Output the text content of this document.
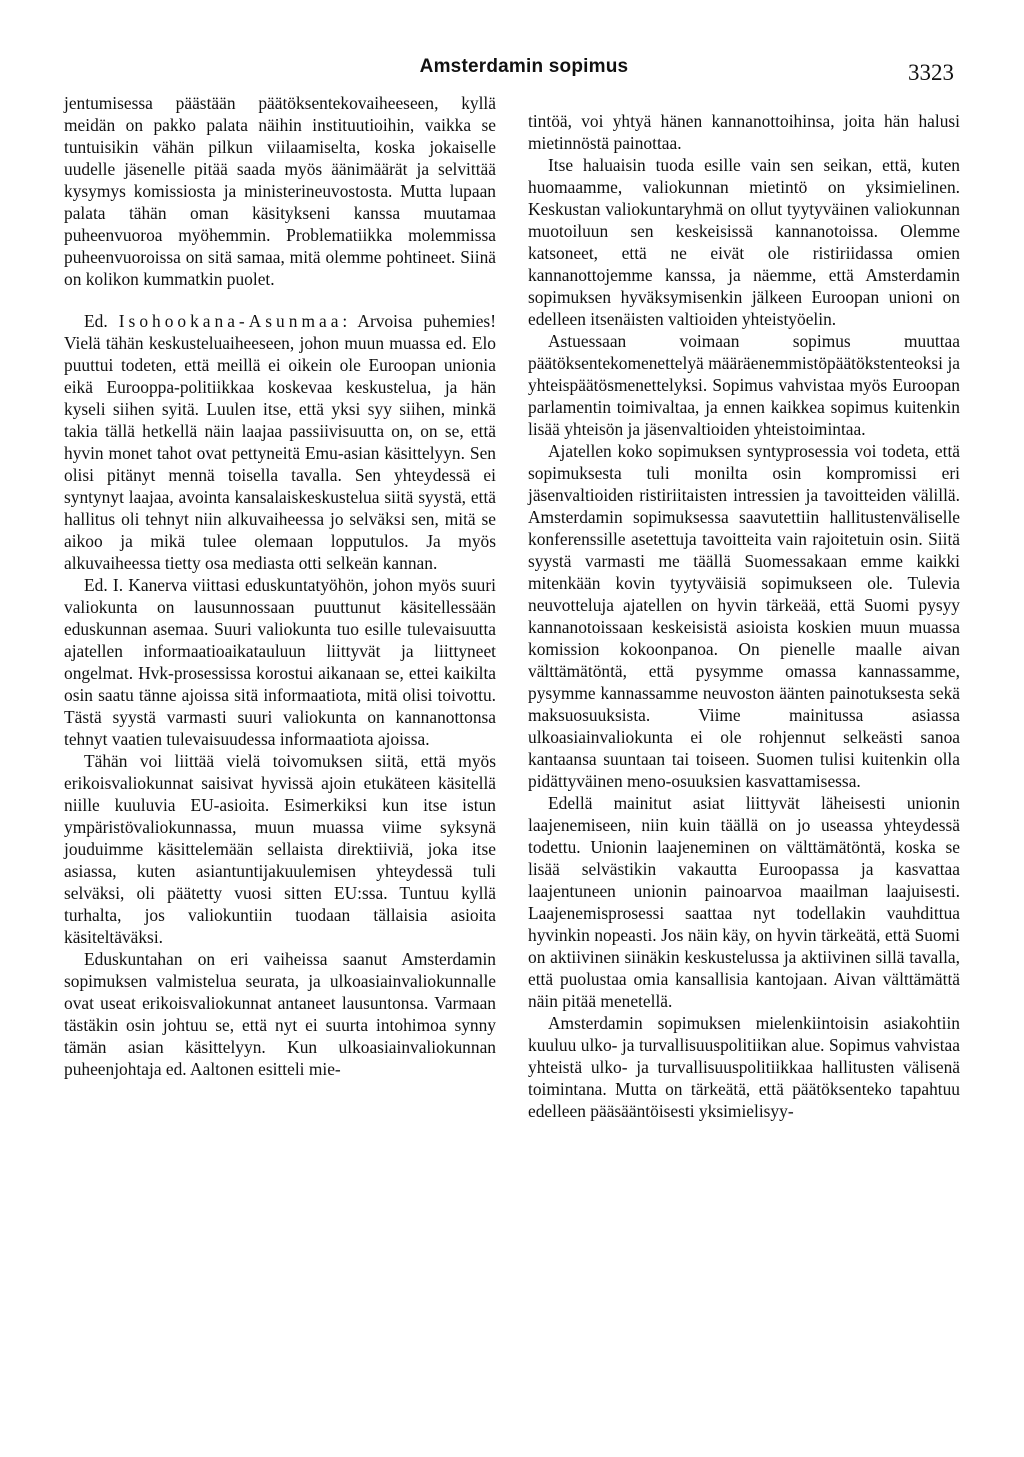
Amsterdamin sopimus	3323

jentumisessa päästään päätöksentekovaiheeseen, kyllä meidän on pakko palata näihin instituutioihin, vaikka se tuntuisikin vähän pilkun viilaamiselta, koska jokaiselle uudelle jäsenelle pitää saada myös äänimäärät ja selvittää kysymys komissiosta ja ministerineuvostosta. Mutta lupaan palata tähän oman käsitykseni kanssa muutamaa puheenvuoroa myöhemmin. Problematiikka molemmissa puheenvuoroissa on sitä samaa, mitä olemme pohtineet. Siinä on kolikon kummatkin puolet.

Ed. Isohookana-Asunmaa: Arvoisa puhemies! Vielä tähän keskusteluaiheeseen, johon muun muassa ed. Elo puuttui todeten, että meillä ei oikein ole Euroopan unionia eikä Eurooppa-politiikkaa koskevaa keskustelua, ja hän kyseli siihen syitä. Luulen itse, että yksi syy siihen, minkä takia tällä hetkellä näin laajaa passiivisuutta on, on se, että hyvin monet tahot ovat pettyneitä Emu-asian käsittelyyn. Sen olisi pitänyt mennä toisella tavalla. Sen yhteydessä ei syntynyt laajaa, avointa kansalaiskeskustelua siitä syystä, että hallitus oli tehnyt niin alkuvaiheessa jo selväksi sen, mitä se aikoo ja mikä tulee olemaan lopputulos. Ja myös alkuvaiheessa tietty osa mediasta otti selkeän kannan.

Ed. I. Kanerva viittasi eduskuntatyöhön, johon myös suuri valiokunta on lausunnossaan puuttunut käsitellessään eduskunnan asemaa. Suuri valiokunta tuo esille tulevaisuutta ajatellen informaatioaikatauluun liittyvät ja liittyneet ongelmat. Hvk-prosessissa korostui aikanaan se, ettei kaikilta osin saatu tänne ajoissa sitä informaatiota, mitä olisi toivottu. Tästä syystä varmasti suuri valiokunta on kannanottonsa tehnyt vaatien tulevaisuudessa informaatiota ajoissa.

Tähän voi liittää vielä toivomuksen siitä, että myös erikoisvaliokunnat saisivat hyvissä ajoin etukäteen käsitellä niille kuuluvia EU-asioita. Esimerkiksi kun itse istun ympäristövaliokunnassa, muun muassa viime syksynä jouduimme käsittelemään sellaista direktiiviä, joka itse asiassa, kuten asiantuntijakuulemisen yhteydessä tuli selväksi, oli päätetty vuosi sitten EU:ssa. Tuntuu kyllä turhalta, jos valiokuntiin tuodaan tällaisia asioita käsiteltäväksi.

Eduskuntahan on eri vaiheissa saanut Amsterdamin sopimuksen valmistelua seurata, ja ulkoasiainvaliokunnalle ovat useat erikoisvaliokunnat antaneet lausuntonsa. Varmaan tästäkin osin johtuu se, että nyt ei suurta intohimoa synny tämän asian käsittelyyn. Kun ulkoasiainvaliokunnan puheenjohtaja ed. Aaltonen esitteli mie-

tintöä, voi yhtyä hänen kannanottoihinsa, joita hän halusi mietinnöstä painottaa.

Itse haluaisin tuoda esille vain sen seikan, että, kuten huomaamme, valiokunnan mietintö on yksimielinen. Keskustan valiokuntaryhmä on ollut tyytyväinen valiokunnan muotoiluun sen keskeisissä kannanotoissa. Olemme katsoneet, että ne eivät ole ristiriidassa omien kannanottojemme kanssa, ja näemme, että Amsterdamin sopimuksen hyväksymisenkin jälkeen Euroopan unioni on edelleen itsenäisten valtioiden yhteistyöelin.

Astuessaan voimaan sopimus muuttaa päätöksentekomenettelyä määräenemmistöpäätökstenteoksi ja yhteispäätösmenettelyksi. Sopimus vahvistaa myös Euroopan parlamentin toimivaltaa, ja ennen kaikkea sopimus kuitenkin lisää yhteisön ja jäsenvaltioiden yhteistoimintaa.

Ajatellen koko sopimuksen syntyprosessia voi todeta, että sopimuksesta tuli monilta osin kompromissi eri jäsenvaltioiden ristiriitaisten intressien ja tavoitteiden välillä. Amsterdamin sopimuksessa saavutettiin hallitustenväliselle konferenssille asetettuja tavoitteita vain rajoitetuin osin. Siitä syystä varmasti me täällä Suomessakaan emme kaikki mitenkään kovin tyytyväisiä sopimukseen ole. Tulevia neuvotteluja ajatellen on hyvin tärkeää, että Suomi pysyy kannanotoissaan keskeisistä asioista koskien muun muassa komission kokoonpanoa. On pienelle maalle aivan välttämätöntä, että pysymme omassa kannassamme, pysymme kannassamme neuvoston äänten painotuksesta sekä maksuosuuksista. Viime mainitussa asiassa ulkoasiainvaliokunta ei ole rohjennut selkeästi sanoa kantaansa suuntaan tai toiseen. Suomen tulisi kuitenkin olla pidättyväinen meno-osuuksien kasvattamisessa.

Edellä mainitut asiat liittyvät läheisesti unionin laajenemiseen, niin kuin täällä on jo useassa yhteydessä todettu. Unionin laajeneminen on välttämätöntä, koska se lisää selvästikin vakautta Euroopassa ja kasvattaa laajentuneen unionin painoarvoa maailman laajuisesti. Laajenemisprosessi saattaa nyt todellakin vauhdittua hyvinkin nopeasti. Jos näin käy, on hyvin tärkeätä, että Suomi on aktiivinen siinäkin keskustelussa ja aktiivinen sillä tavalla, että puolustaa omia kansallisia kantojaan. Aivan välttämättä näin pitää menetellä.

Amsterdamin sopimuksen mielenkiintoisin asiakohtiin kuuluu ulko- ja turvallisuuspolitiikan alue. Sopimus vahvistaa yhteistä ulko- ja turvallisuuspolitiikkaa hallitusten välisenä toimintana. Mutta on tärkeätä, että päätöksenteko tapahtuu edelleen pääsääntöisesti yksimielisyy-
